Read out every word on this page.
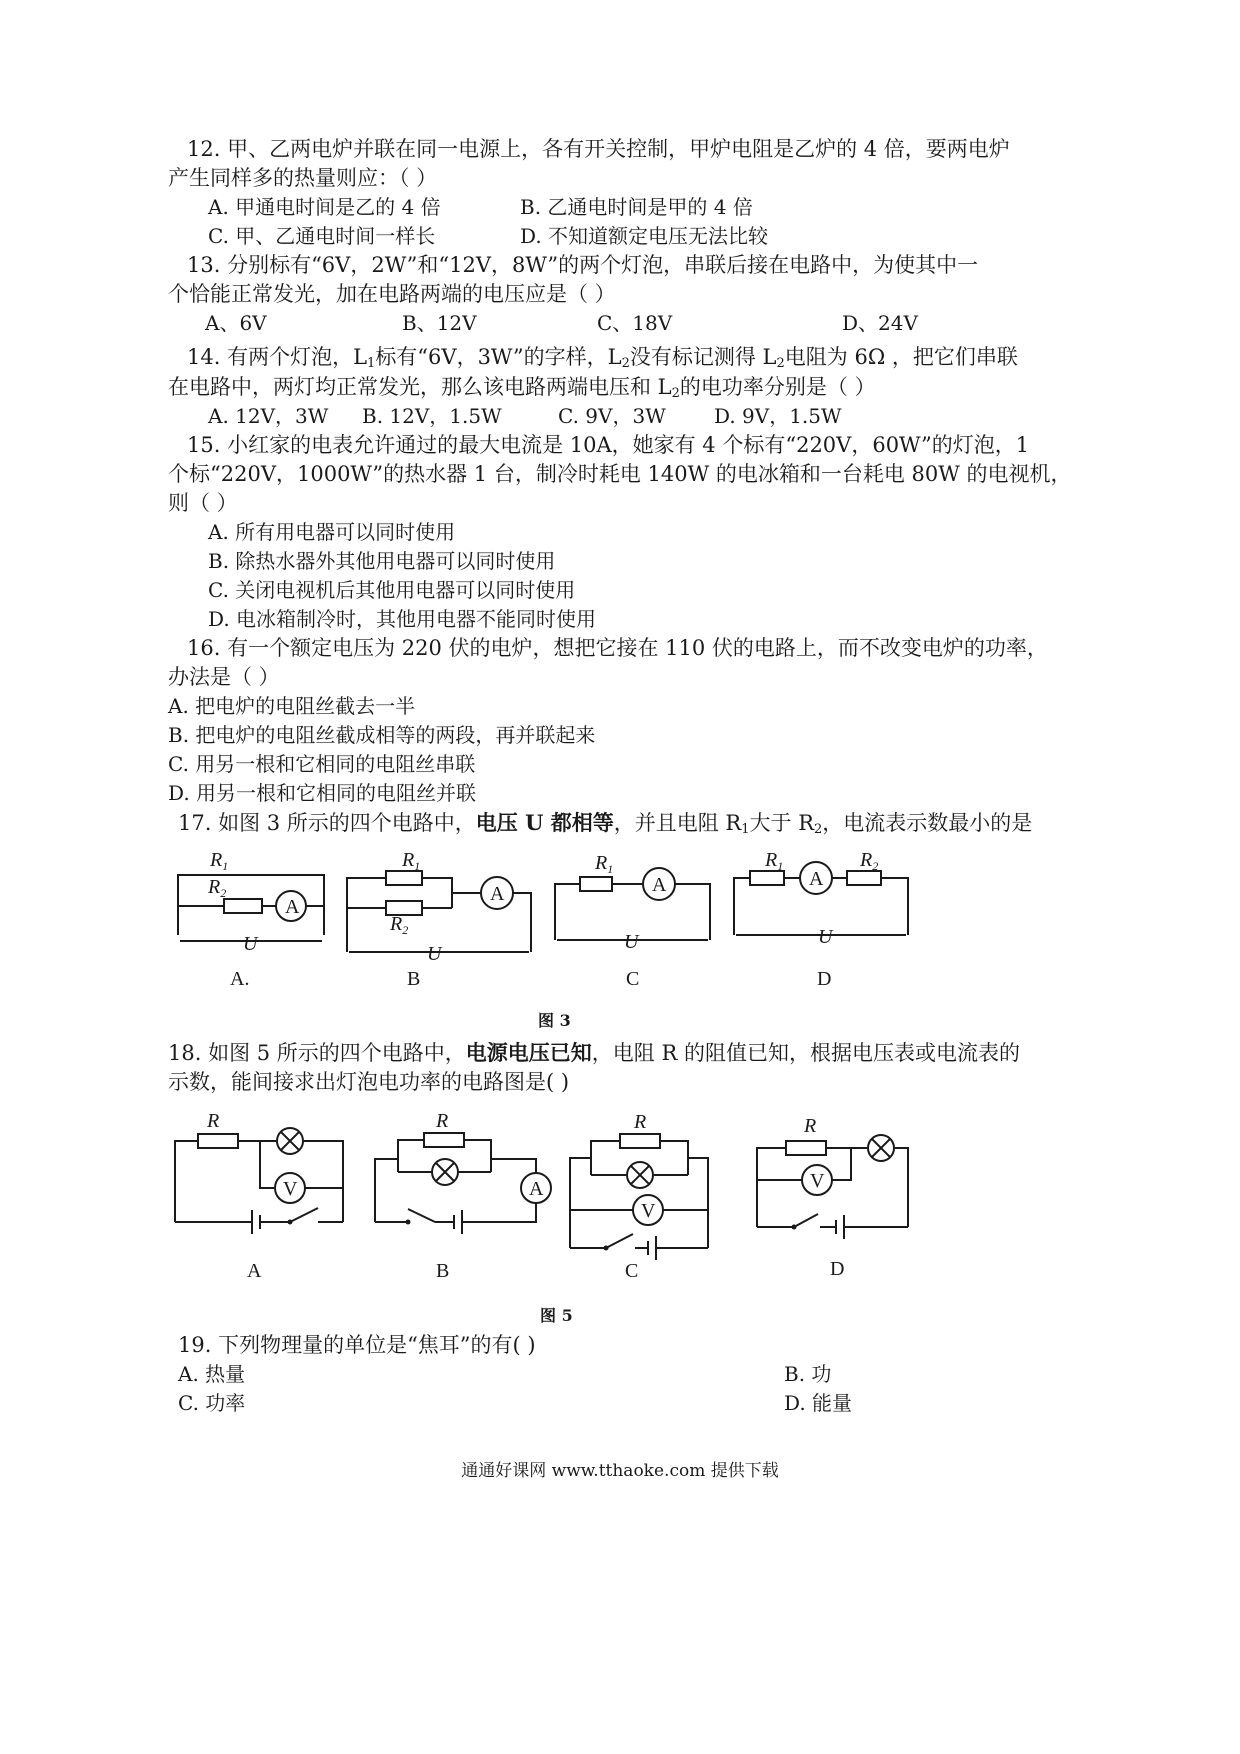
12. 甲、乙两电炉并联在同一电源上，各有开关控制，甲炉电阻是乙炉的 4 倍，要两电炉
产生同样多的热量则应：（ ）
A. 甲通电时间是乙的 4 倍	B. 乙通电时间是甲的 4 倍
C. 甲、乙通电时间一样长	D. 不知道额定电压无法比较
13. 分别标有“6V，2W”和“12V，8W”的两个灯泡，串联后接在电路中，为使其中一
个恰能正常发光，加在电路两端的电压应是（ ）
A、6V	B、12V	C、18V	D、24V
14. 有两个灯泡，$L_1$标有“6V，3W”的字样，$L_2$没有标记测得 $L_2$电阻为 6Ω ，把它们串联
在电路中，两灯均正常发光，那么该电路两端电压和 $L_2$的电功率分别是（ ）
A. 12V，3W B. 12V，1.5W	C. 9V，3W D. 9V，1.5W
15. 小红家的电表允许通过的最大电流是 10A，她家有 4 个标有“220V，60W”的灯泡，1
个标“220V，1000W”的热水器 1 台，制冷时耗电 140W 的电冰箱和一台耗电 80W 的电视机，
则（ ）
A. 所有用电器可以同时使用
B. 除热水器外其他用电器可以同时使用
C. 关闭电视机后其他用电器可以同时使用
D. 电冰箱制冷时，其他用电器不能同时使用
16. 有一个额定电压为 220 伏的电炉，想把它接在 110 伏的电路上，而不改变电炉的功率，
办法是（ ）
A. 把电炉的电阻丝截去一半
B. 把电炉的电阻丝截成相等的两段，再并联起来
C. 用另一根和它相同的电阻丝串联
D. 用另一根和它相同的电阻丝并联
17. 如图 3 所示的四个电路中，电压 U 都相等，并且电阻 $R_1$大于 $R_2$，电流表示数最小的是
A
$R_1$
$R_2$
U
A.
A
$R_1$
$R_2$
U
B
A
$R_1$
U
C
A
$R_1$	$R_2$
U
D
图 3
18. 如图 5 所示的四个电路中，电源电压已知，电阻 R 的阻值已知，根据电压表或电流表的
示数，能间接求出灯泡电功率的电路图是( )
V
R
A
A
R
B
V
R
C
V
R
D
图 5
19. 下列物理量的单位是“焦耳”的有( )
A. 热量	B. 功
C. 功率	D. 能量
通通好课网 www.tthaoke.com 提供下载
